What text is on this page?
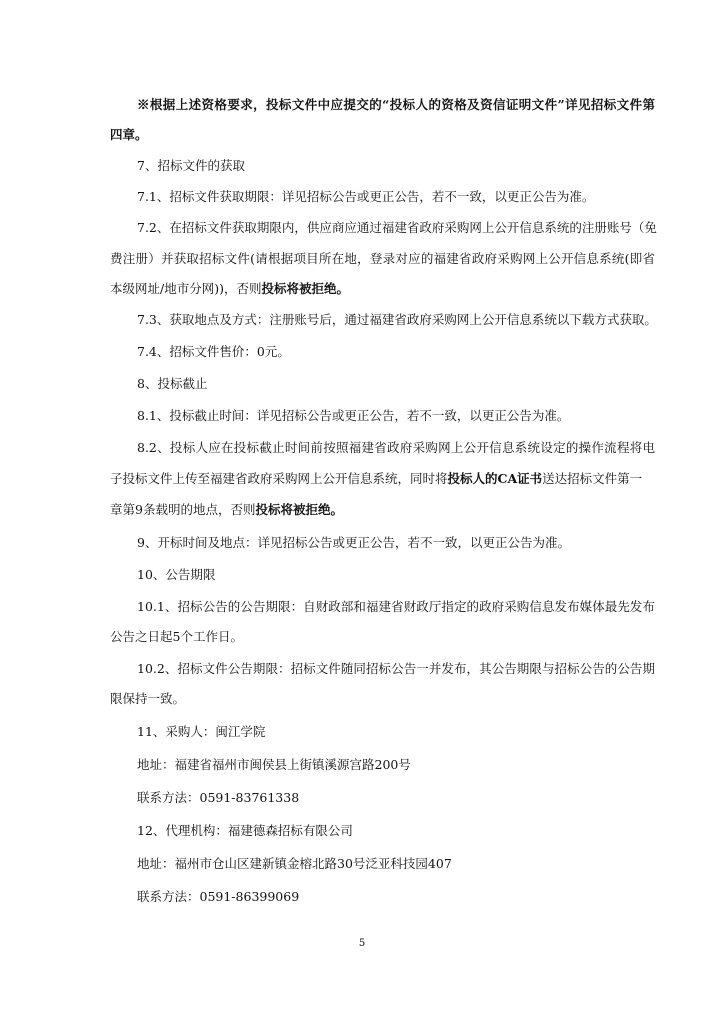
※根据上述资格要求，投标文件中应提交的“投标人的资格及资信证明文件”详见招标文件第
四章。
7、招标文件的获取
7.1、招标文件获取期限：详见招标公告或更正公告，若不一致，以更正公告为准。
7.2、在招标文件获取期限内，供应商应通过福建省政府采购网上公开信息系统的注册账号（免
费注册）并获取招标文件(请根据项目所在地，登录对应的福建省政府采购网上公开信息系统(即省
本级网址/地市分网))，否则投标将被拒绝。
7.3、获取地点及方式：注册账号后，通过福建省政府采购网上公开信息系统以下载方式获取。
7.4、招标文件售价：0元。
8、投标截止
8.1、投标截止时间：详见招标公告或更正公告，若不一致，以更正公告为准。
8.2、投标人应在投标截止时间前按照福建省政府采购网上公开信息系统设定的操作流程将电
子投标文件上传至福建省政府采购网上公开信息系统，同时将投标人的CA证书送达招标文件第一
章第9条载明的地点，否则投标将被拒绝。
9、开标时间及地点：详见招标公告或更正公告，若不一致，以更正公告为准。
10、公告期限
10.1、招标公告的公告期限：自财政部和福建省财政厅指定的政府采购信息发布媒体最先发布
公告之日起5个工作日。
10.2、招标文件公告期限：招标文件随同招标公告一并发布，其公告期限与招标公告的公告期
限保持一致。
11、采购人：闽江学院
地址：福建省福州市闽侯县上街镇溪源宫路200号
联系方法：0591-83761338
12、代理机构：福建德森招标有限公司
地址：福州市仓山区建新镇金榕北路30号泛亚科技园407
联系方法：0591-86399069
5
